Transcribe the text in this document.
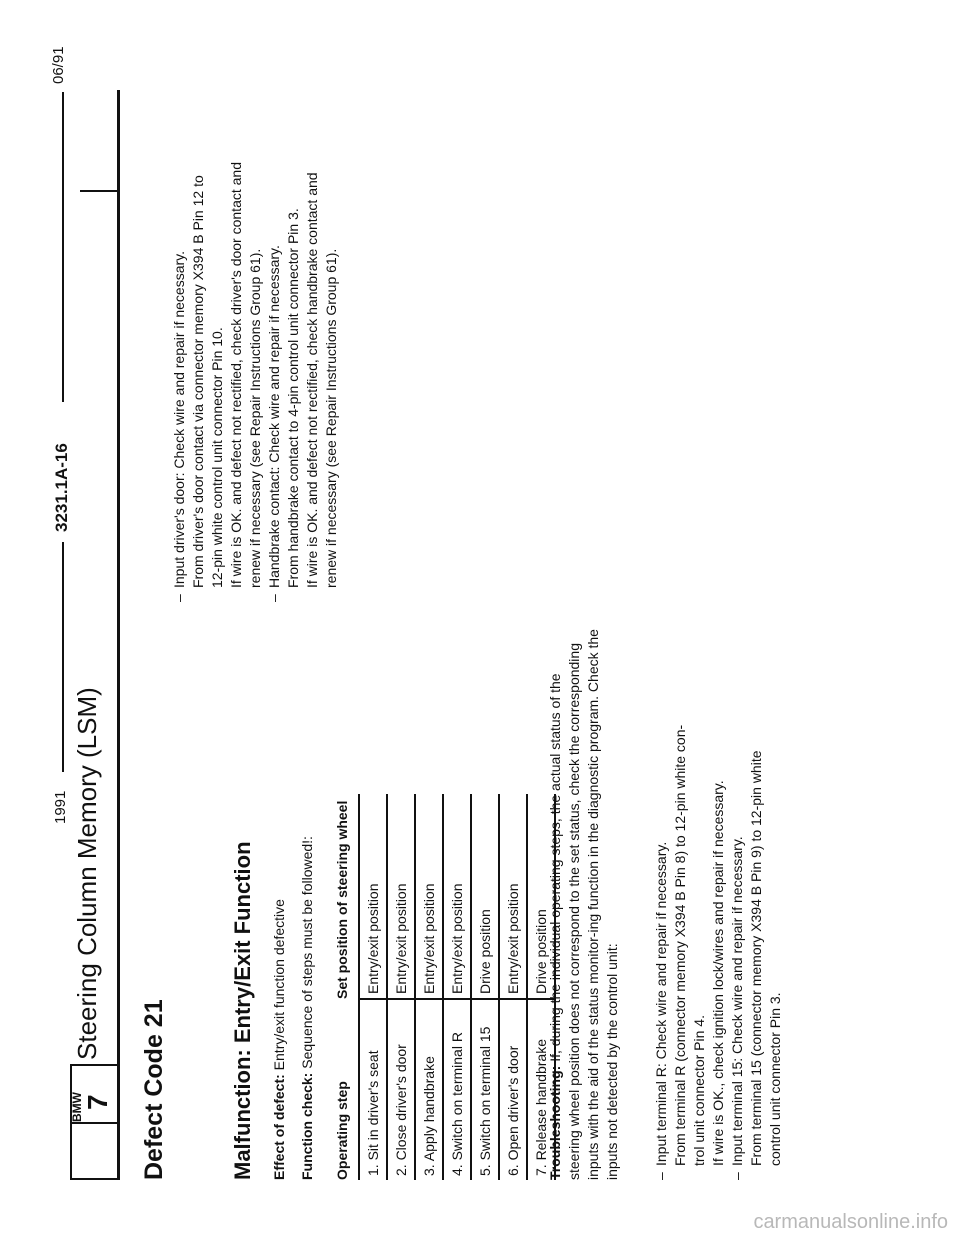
06/91
3231.1A-16
1991
BMW
7
Steering Column Memory (LSM)
Defect Code 21	Malfunction: Entry/Exit Function Effect of defect: Entry/exit function defective
Function check: Sequence of steps must be followed!:
Operating step	Set position of steering wheel
1. Sit in driver's seat	Entry/exit position
2. Close driver's door	Entry/exit position
3. Apply handbrake	Entry/exit position
4. Switch on terminal R	Entry/exit position
5. Switch on terminal 15	Drive position
6. Open driver's door	Entry/exit position
7. Release handbrake	Drive position
Troubleshooting: If, during the individual operating steps, the actual status of the steering wheel position does not correspond to the set status, check the corresponding inputs with the aid of the status monitor-ing function in the diagnostic program. Check the inputs not detected by the control unit: – Input terminal R: Check wire and repair if necessary. From terminal R (connector memory X394 B Pin 8) to 12-pin white con- trol unit connector Pin 4. If wire is OK., check ignition lock/wires and repair if necessary. – Input terminal 15: Check wire and repair if necessary. From terminal 15 (connector memory X394 B Pin 9) to 12-pin white control unit connector Pin 3.
– Input driver's door: Check wire and repair if necessary. From driver's door contact via connector memory X394 B Pin 12 to 12-pin white control unit connector Pin 10. If wire is OK. and defect not rectified, check driver's door contact and renew if necessary (see Repair Instructions Group 61). – Handbrake contact: Check wire and repair if necessary. From handbrake contact to 4-pin control unit connector Pin 3. If wire is OK. and defect not rectified, check handbrake contact and renew if necessary (see Repair Instructions Group 61).
carmanualsonline.info
